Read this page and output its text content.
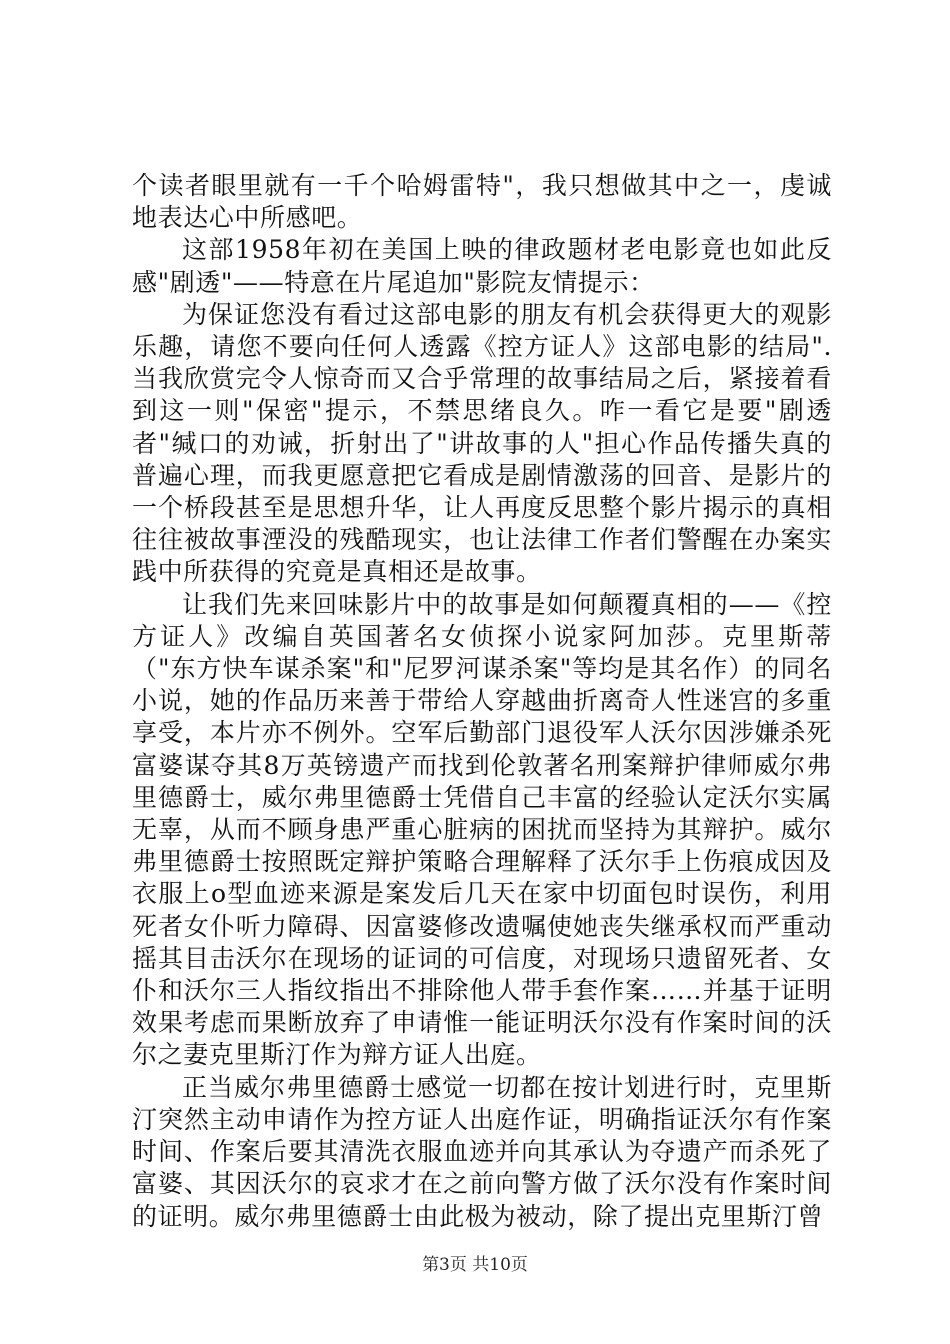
个读者眼里就有一千个哈姆雷特"，我只想做其中之一，虔诚地表达心中所感吧。

这部1958年初在美国上映的律政题材老电影竟也如此反感"剧透"——特意在片尾追加"影院友情提示：

为保证您没有看过这部电影的朋友有机会获得更大的观影乐趣，请您不要向任何人透露《控方证人》这部电影的结局".当我欣赏完令人惊奇而又合乎常理的故事结局之后，紧接着看到这一则"保密"提示，不禁思绪良久。咋一看它是要"剧透者"缄口的劝诫，折射出了"讲故事的人"担心作品传播失真的普遍心理，而我更愿意把它看成是剧情激荡的回音、是影片的一个桥段甚至是思想升华，让人再度反思整个影片揭示的真相往往被故事湮没的残酷现实，也让法律工作者们警醒在办案实践中所获得的究竟是真相还是故事。

让我们先来回味影片中的故事是如何颠覆真相的——《控方证人》改编自英国著名女侦探小说家阿加莎。克里斯蒂（"东方快车谋杀案"和"尼罗河谋杀案"等均是其名作）的同名小说，她的作品历来善于带给人穿越曲折离奇人性迷宫的多重享受，本片亦不例外。空军后勤部门退役军人沃尔因涉嫌杀死富婆谋夺其8万英镑遗产而找到伦敦著名刑案辩护律师威尔弗里德爵士，威尔弗里德爵士凭借自己丰富的经验认定沃尔实属无辜，从而不顾身患严重心脏病的困扰而坚持为其辩护。威尔弗里德爵士按照既定辩护策略合理解释了沃尔手上伤痕成因及衣服上o型血迹来源是案发后几天在家中切面包时误伤，利用死者女仆听力障碍、因富婆修改遗嘱使她丧失继承权而严重动摇其目击沃尔在现场的证词的可信度，对现场只遗留死者、女仆和沃尔三人指纹指出不排除他人带手套作案……并基于证明效果考虑而果断放弃了申请惟一能证明沃尔没有作案时间的沃尔之妻克里斯汀作为辩方证人出庭。

正当威尔弗里德爵士感觉一切都在按计划进行时，克里斯汀突然主动申请作为控方证人出庭作证，明确指证沃尔有作案时间、作案后要其清洗衣服血迹并向其承认为夺遗产而杀死了富婆、其因沃尔的哀求才在之前向警方做了沃尔没有作案时间的证明。威尔弗里德爵士由此极为被动，除了提出克里斯汀曾

第3页 共10页
